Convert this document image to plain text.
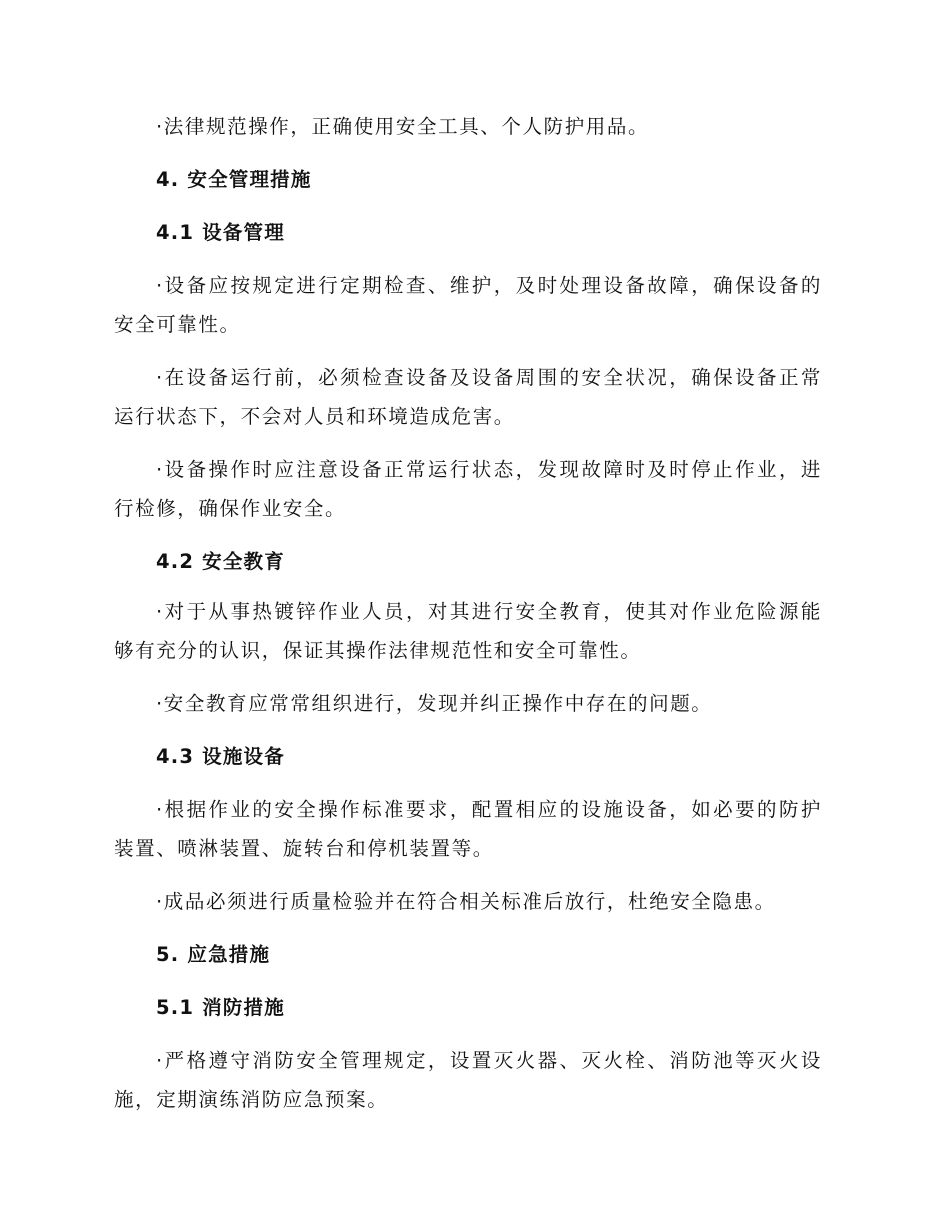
·法律规范操作，正确使用安全工具、个人防护用品。
4. 安全管理措施
4.1 设备管理
·设备应按规定进行定期检查、维护，及时处理设备故障，确保设备的
安全可靠性。
·在设备运行前，必须检查设备及设备周围的安全状况，确保设备正常
运行状态下，不会对人员和环境造成危害。
·设备操作时应注意设备正常运行状态，发现故障时及时停止作业，进
行检修，确保作业安全。
4.2 安全教育
·对于从事热镀锌作业人员，对其进行安全教育，使其对作业危险源能
够有充分的认识，保证其操作法律规范性和安全可靠性。
·安全教育应常常组织进行，发现并纠正操作中存在的问题。
4.3 设施设备
·根据作业的安全操作标准要求，配置相应的设施设备，如必要的防护
装置、喷淋装置、旋转台和停机装置等。
·成品必须进行质量检验并在符合相关标准后放行，杜绝安全隐患。
5. 应急措施
5.1 消防措施
·严格遵守消防安全管理规定，设置灭火器、灭火栓、消防池等灭火设
施，定期演练消防应急预案。
